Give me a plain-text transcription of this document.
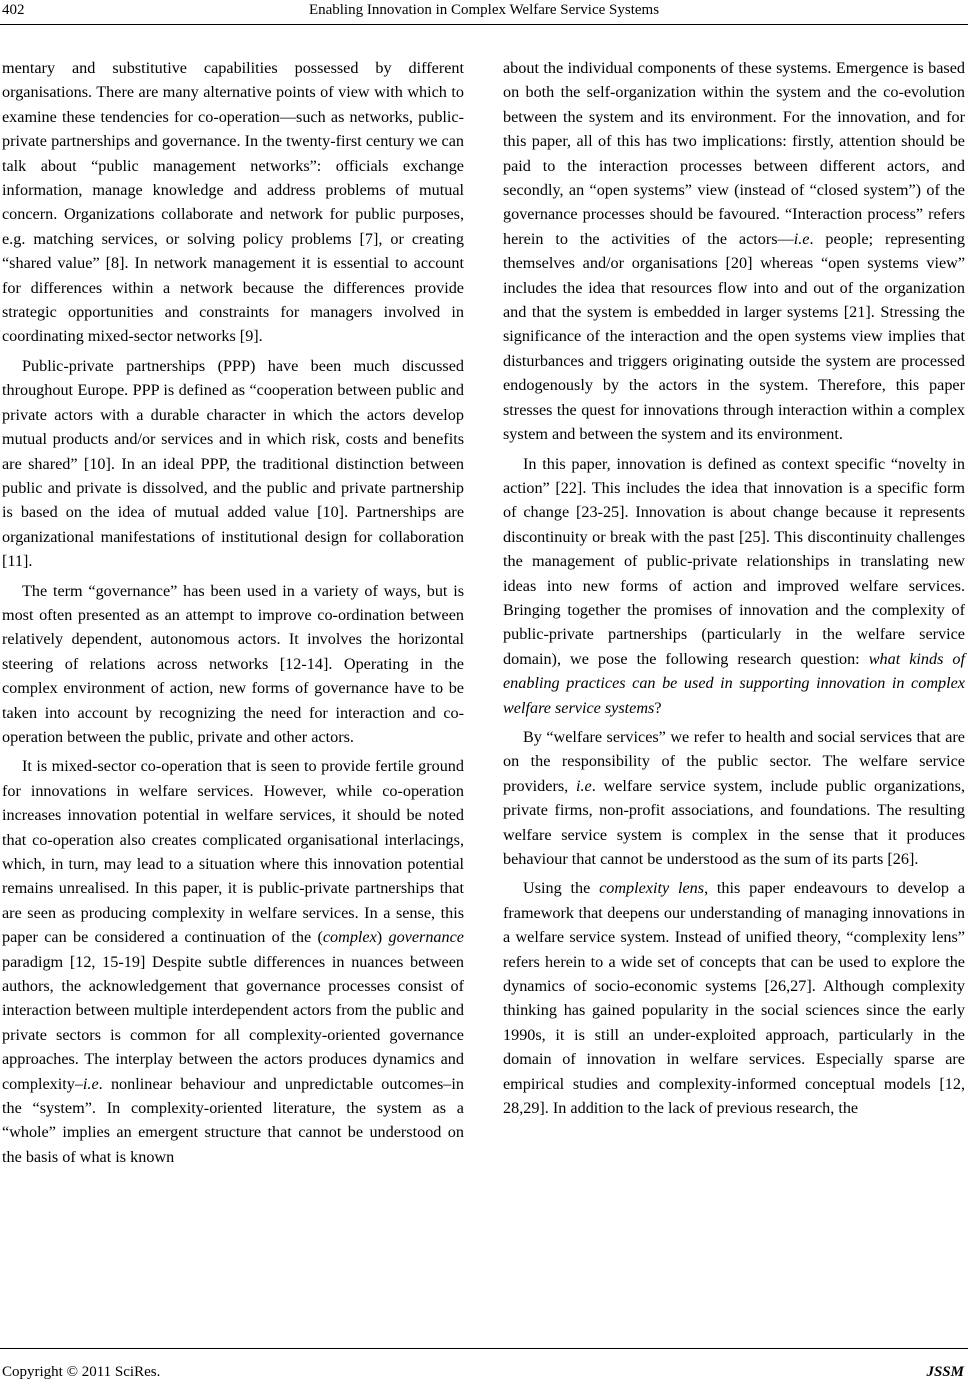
402	Enabling Innovation in Complex Welfare Service Systems

mentary and substitutive capabilities possessed by different organisations. There are many alternative points of view with which to examine these tendencies for co-operation—such as networks, public-private partnerships and governance. In the twenty-first century we can talk about “public management networks”: officials exchange information, manage knowledge and address problems of mutual concern. Organizations collaborate and network for public purposes, e.g. matching services, or solving policy problems [7], or creating “shared value” [8]. In network management it is essential to account for differences within a network because the differences provide strategic opportunities and constraints for managers involved in coordinating mixed-sector networks [9].

Public-private partnerships (PPP) have been much discussed throughout Europe. PPP is defined as “cooperation between public and private actors with a durable character in which the actors develop mutual products and/or services and in which risk, costs and benefits are shared” [10]. In an ideal PPP, the traditional distinction between public and private is dissolved, and the public and private partnership is based on the idea of mutual added value [10]. Partnerships are organizational manifestations of institutional design for collaboration [11].

The term “governance” has been used in a variety of ways, but is most often presented as an attempt to improve co-ordination between relatively dependent, autonomous actors. It involves the horizontal steering of relations across networks [12-14]. Operating in the complex environment of action, new forms of governance have to be taken into account by recognizing the need for interaction and co-operation between the public, private and other actors.

It is mixed-sector co-operation that is seen to provide fertile ground for innovations in welfare services. However, while co-operation increases innovation potential in welfare services, it should be noted that co-operation also creates complicated organisational interlacings, which, in turn, may lead to a situation where this innovation potential remains unrealised. In this paper, it is public-private partnerships that are seen as producing complexity in welfare services. In a sense, this paper can be considered a continuation of the (complex) governance paradigm [12, 15-19] Despite subtle differences in nuances between authors, the acknowledgement that governance processes consist of interaction between multiple interdependent actors from the public and private sectors is common for all complexity-oriented governance approaches. The interplay between the actors produces dynamics and complexity–i.e. nonlinear behaviour and unpredictable outcomes–in the “system”. In complexity-oriented literature, the system as a “whole” implies an emergent structure that cannot be understood on the basis of what is known

about the individual components of these systems. Emergence is based on both the self-organization within the system and the co-evolution between the system and its environment. For the innovation, and for this paper, all of this has two implications: firstly, attention should be paid to the interaction processes between different actors, and secondly, an “open systems” view (instead of “closed system”) of the governance processes should be favoured. “Interaction process” refers herein to the activities of the actors—i.e. people; representing themselves and/or organisations [20] whereas “open systems view” includes the idea that resources flow into and out of the organization and that the system is embedded in larger systems [21]. Stressing the significance of the interaction and the open systems view implies that disturbances and triggers originating outside the system are processed endogenously by the actors in the system. Therefore, this paper stresses the quest for innovations through interaction within a complex system and between the system and its environment.

In this paper, innovation is defined as context specific “novelty in action” [22]. This includes the idea that innovation is a specific form of change [23-25]. Innovation is about change because it represents discontinuity or break with the past [25]. This discontinuity challenges the management of public-private relationships in translating new ideas into new forms of action and improved welfare services. Bringing together the promises of innovation and the complexity of public-private partnerships (particularly in the welfare service domain), we pose the following research question: what kinds of enabling practices can be used in supporting innovation in complex welfare service systems?

By “welfare services” we refer to health and social services that are on the responsibility of the public sector. The welfare service providers, i.e. welfare service system, include public organizations, private firms, non-profit associations, and foundations. The resulting welfare service system is complex in the sense that it produces behaviour that cannot be understood as the sum of its parts [26].

Using the complexity lens, this paper endeavours to develop a framework that deepens our understanding of managing innovations in a welfare service system. Instead of unified theory, “complexity lens” refers herein to a wide set of concepts that can be used to explore the dynamics of socio-economic systems [26,27]. Although complexity thinking has gained popularity in the social sciences since the early 1990s, it is still an under-exploited approach, particularly in the domain of innovation in welfare services. Especially sparse are empirical studies and complexity-informed conceptual models [12, 28,29]. In addition to the lack of previous research, the

Copyright © 2011 SciRes.	JSSM
